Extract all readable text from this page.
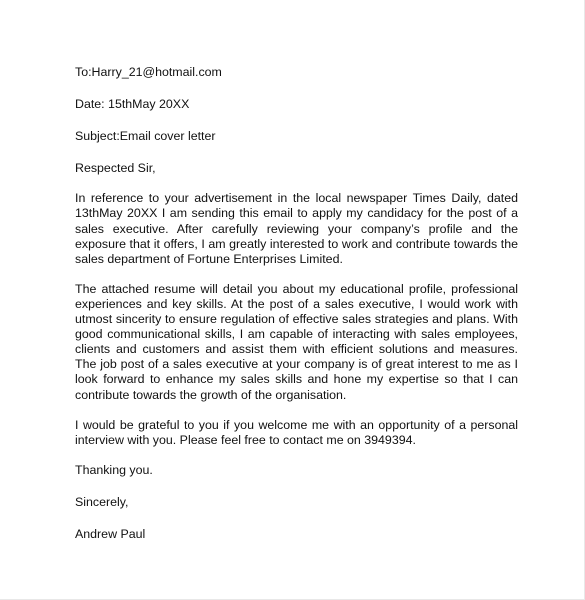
To:Harry_21@hotmail.com

Date: 15thMay 20XX

Subject:Email cover letter

Respected Sir,

In reference to your advertisement in the local newspaper Times Daily, dated 13thMay 20XX I am sending this email to apply my candidacy for the post of a sales executive. After carefully reviewing your company’s profile and the exposure that it offers, I am greatly interested to work and contribute towards the sales department of Fortune Enterprises Limited.

The attached resume will detail you about my educational profile, professional experiences and key skills. At the post of a sales executive, I would work with utmost sincerity to ensure regulation of effective sales strategies and plans. With good communicational skills, I am capable of interacting with sales employees, clients and customers and assist them with efficient solutions and measures. The job post of a sales executive at your company is of great interest to me as I look forward to enhance my sales skills and hone my expertise so that I can contribute towards the growth of the organisation.

I would be grateful to you if you welcome me with an opportunity of a personal interview with you. Please feel free to contact me on 3949394.

Thanking you.

Sincerely,

Andrew Paul
